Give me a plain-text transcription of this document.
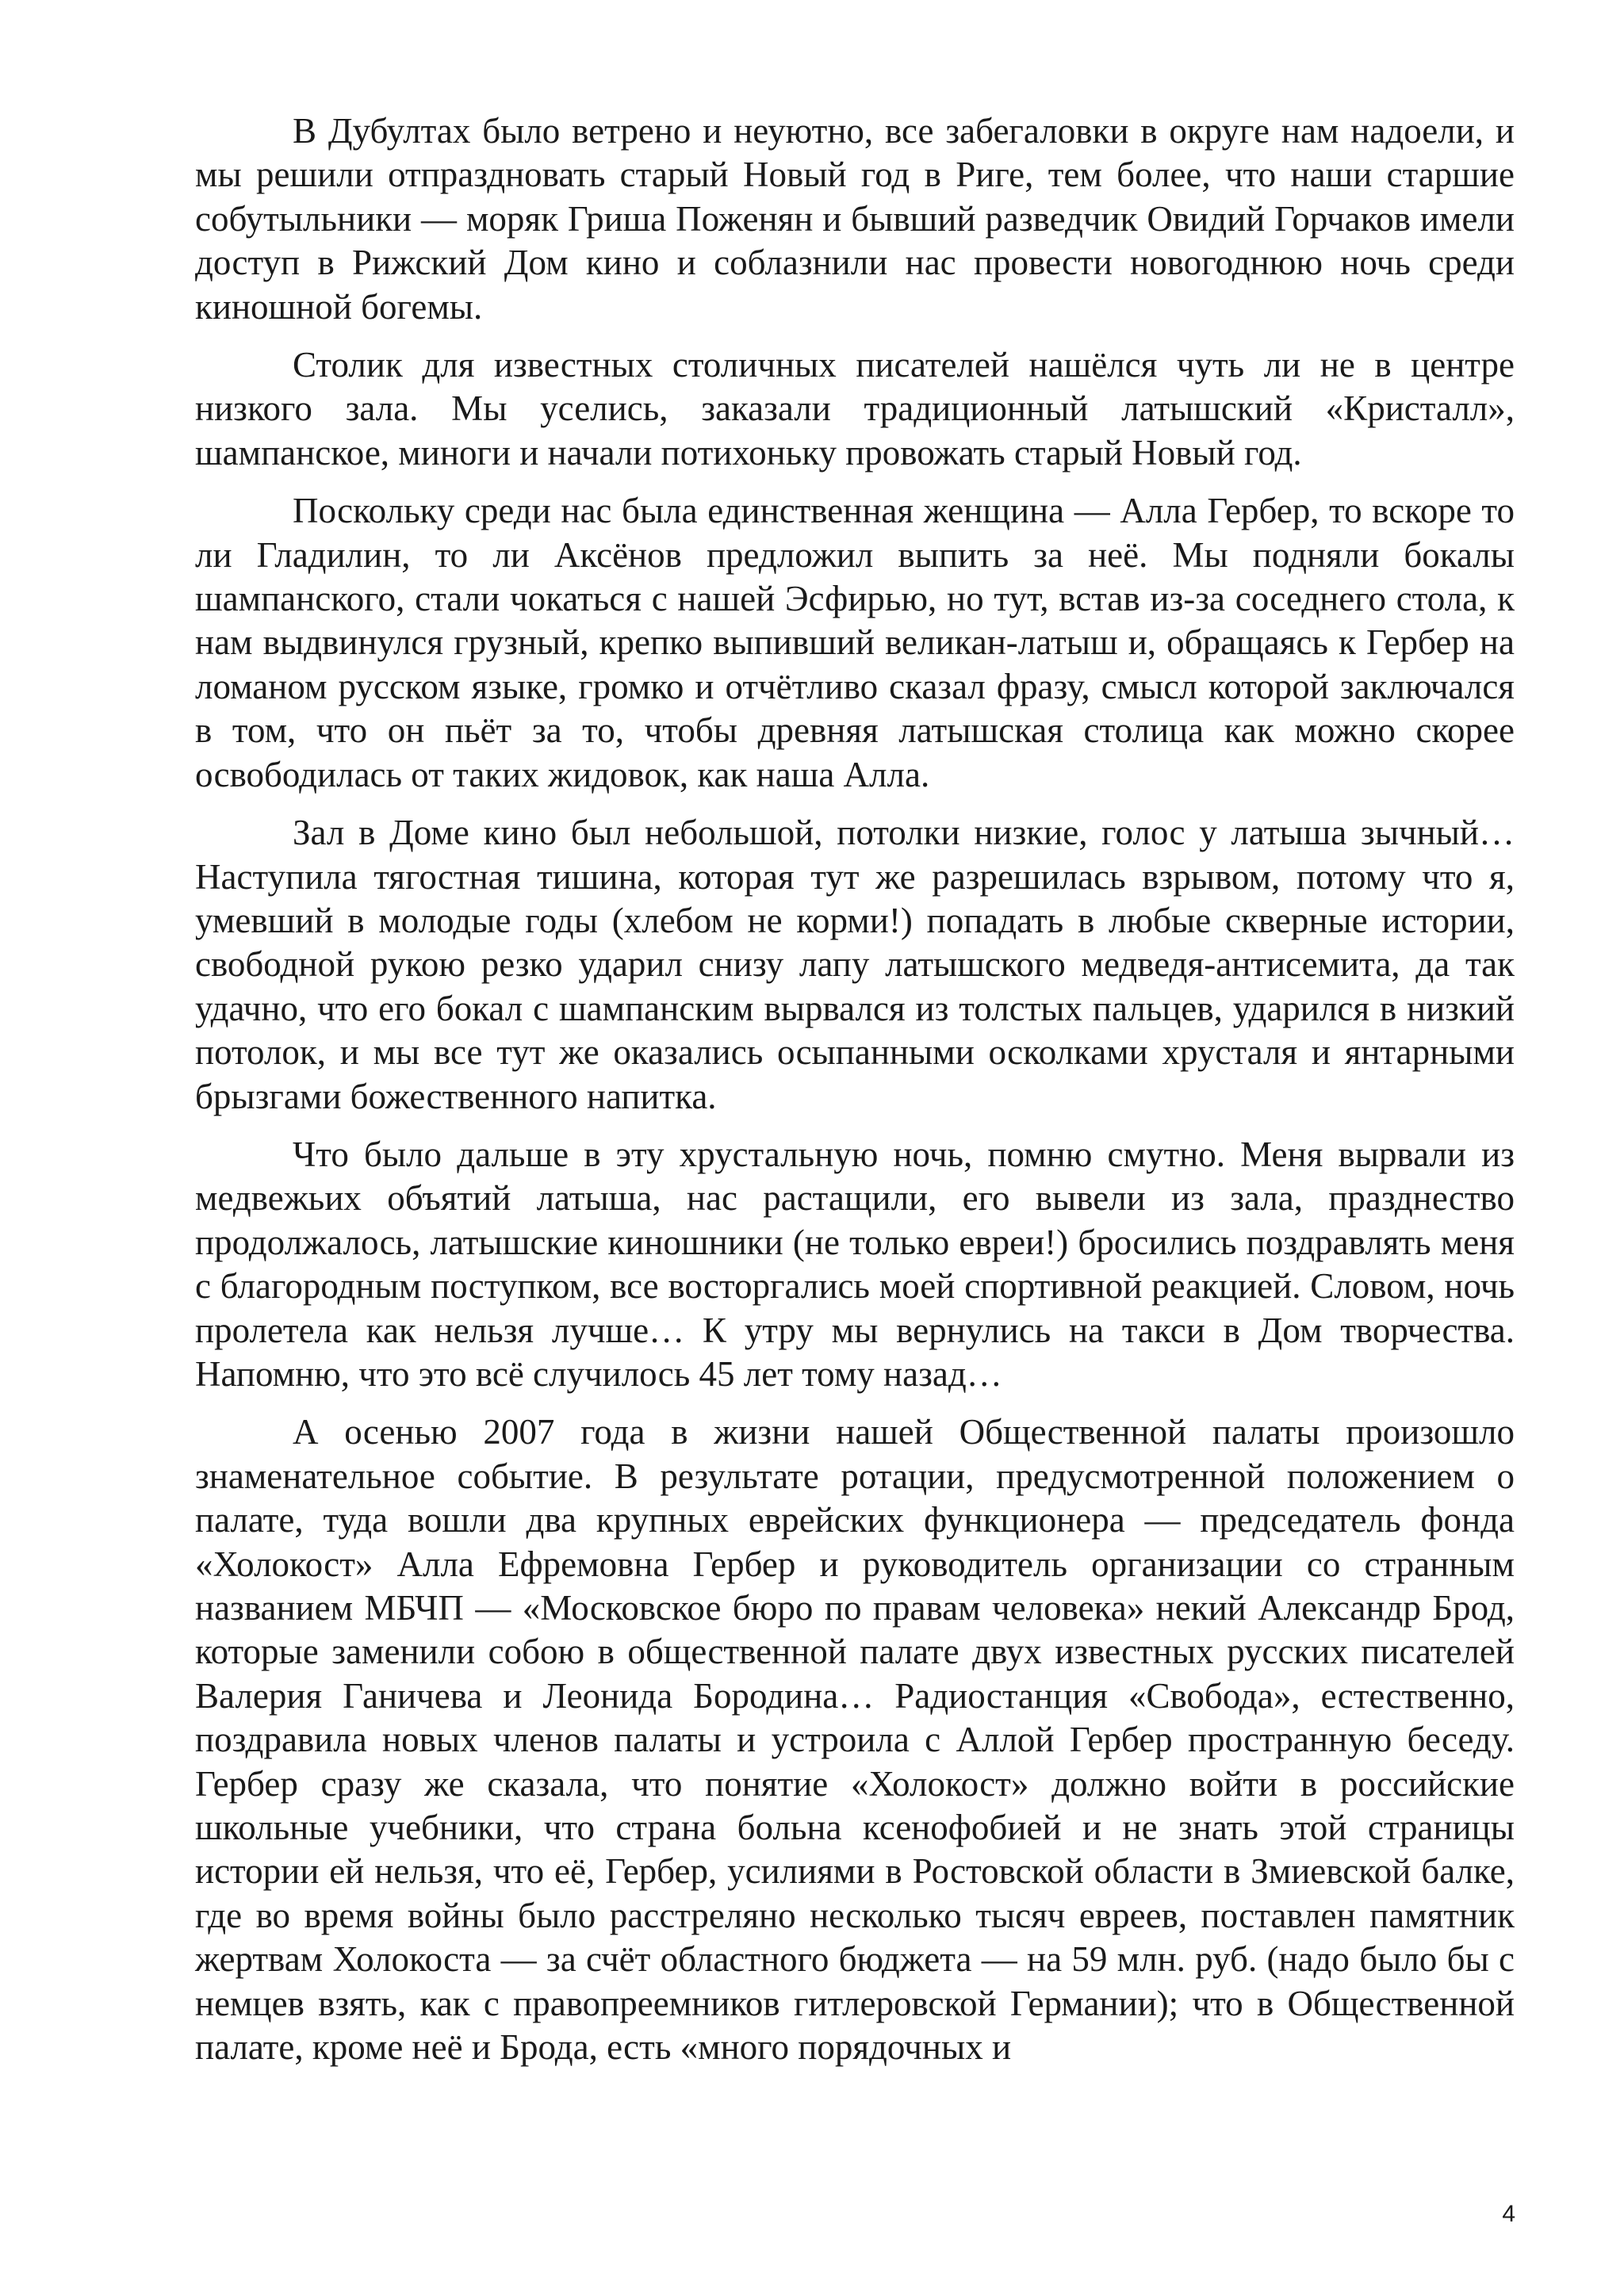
В Дубултах было ветрено и неуютно, все забегаловки в округе нам надоели, и мы решили отпраздновать старый Новый год в Риге, тем более, что наши старшие собутыльники — моряк Гриша Поженян и бывший разведчик Овидий Горчаков имели доступ в Рижский Дом кино и соблазнили нас провести новогоднюю ночь среди киношной богемы.

Столик для известных столичных писателей нашёлся чуть ли не в центре низкого зала. Мы уселись, заказали традиционный латышский «Кристалл», шампанское, миноги и начали потихоньку провожать старый Новый год.

Поскольку среди нас была единственная женщина — Алла Гербер, то вскоре то ли Гладилин, то ли Аксёнов предложил выпить за неё. Мы подняли бокалы шампанского, стали чокаться с нашей Эсфирью, но тут, встав из-за соседнего стола, к нам выдвинулся грузный, крепко выпивший великан-латыш и, обращаясь к Гербер на ломаном русском языке, громко и отчётливо сказал фразу, смысл которой заключался в том, что он пьёт за то, чтобы древняя латышская столица как можно скорее освободилась от таких жидовок, как наша Алла.

Зал в Доме кино был небольшой, потолки низкие, голос у латыша зычный… Наступила тягостная тишина, которая тут же разрешилась взрывом, потому что я, умевший в молодые годы (хлебом не корми!) попадать в любые скверные истории, свободной рукою резко ударил снизу лапу латышского медведя-антисемита, да так удачно, что его бокал с шампанским вырвался из толстых пальцев, ударился в низкий потолок, и мы все тут же оказались осыпанными осколками хрусталя и янтарными брызгами божественного напитка.

Что было дальше в эту хрустальную ночь, помню смутно. Меня вырвали из медвежьих объятий латыша, нас растащили, его вывели из зала, празднество продолжалось, латышские киношники (не только евреи!) бросились поздравлять меня с благородным поступком, все восторгались моей спортивной реакцией. Словом, ночь пролетела как нельзя лучше… К утру мы вернулись на такси в Дом творчества. Напомню, что это всё случилось 45 лет тому назад…

А осенью 2007 года в жизни нашей Общественной палаты произошло знаменательное событие. В результате ротации, предусмотренной положением о палате, туда вошли два крупных еврейских функционера — председатель фонда «Холокост» Алла Ефремовна Гербер и руководитель организации со странным названием МБЧП — «Московское бюро по правам человека» некий Александр Брод, которые заменили собою в общественной палате двух известных русских писателей Валерия Ганичева и Леонида Бородина… Радиостанция «Свобода», естественно, поздравила новых членов палаты и устроила с Аллой Гербер пространную беседу. Гербер сразу же сказала, что понятие «Холокост» должно войти в российские школьные учебники, что страна больна ксенофобией и не знать этой страницы истории ей нельзя, что её, Гербер, усилиями в Ростовской области в Змиевской балке, где во время войны было расстреляно несколько тысяч евреев, поставлен памятник жертвам Холокоста — за счёт областного бюджета — на 59 млн. руб. (надо было бы с немцев взять, как с правопреемников гитлеровской Германии); что в Общественной палате, кроме неё и Брода, есть «много порядочных и

4
